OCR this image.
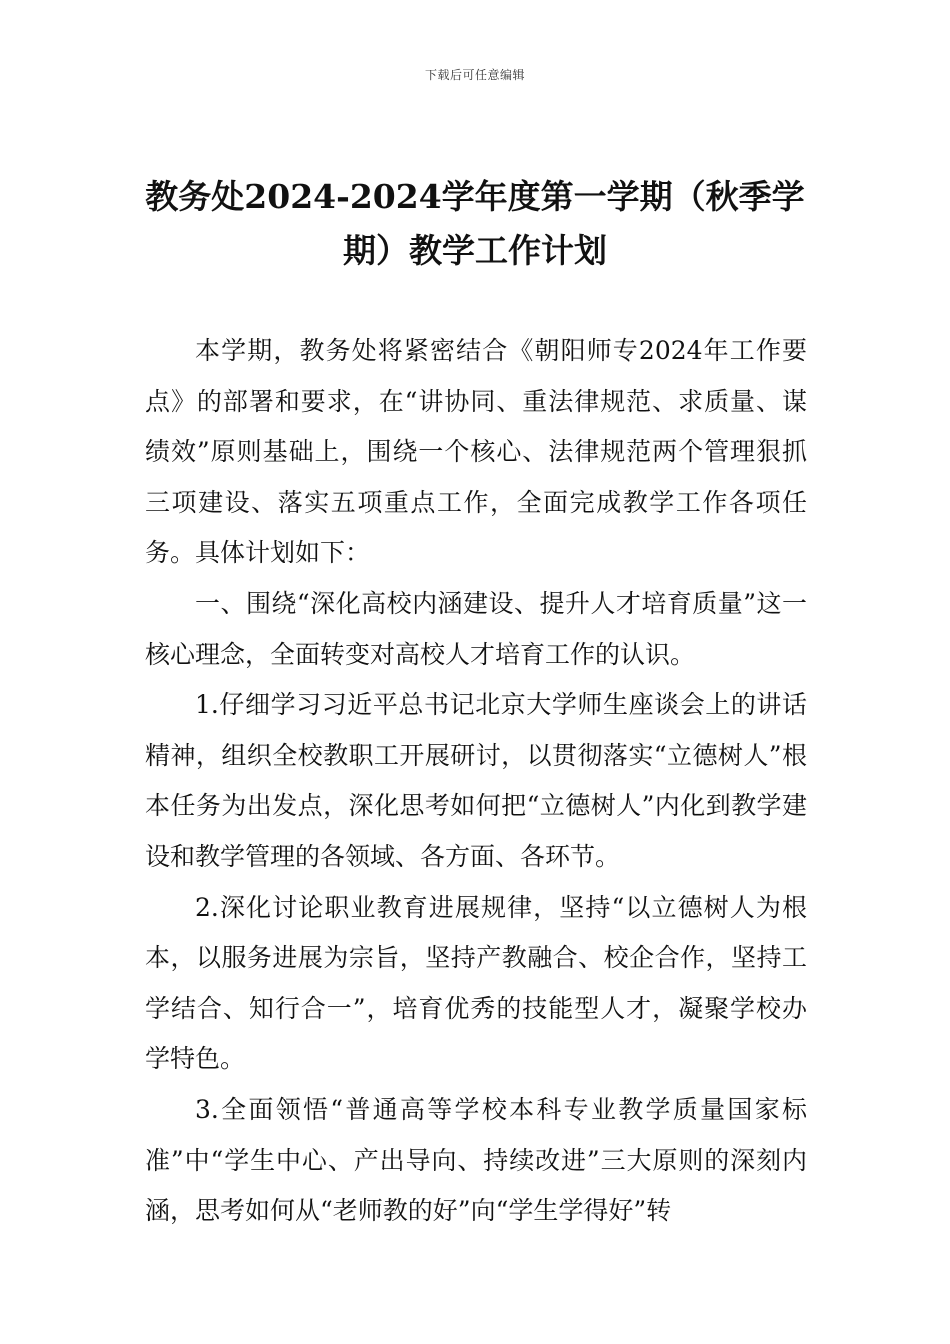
下载后可任意编辑
教务处2024-2024学年度第一学期（秋季学期）教学工作计划

本学期，教务处将紧密结合《朝阳师专2024年工作要点》的部署和要求，在“讲协同、重法律规范、求质量、谋绩效”原则基础上，围绕一个核心、法律规范两个管理狠抓三项建设、落实五项重点工作，全面完成教学工作各项任务。具体计划如下：

一、围绕“深化高校内涵建设、提升人才培育质量”这一核心理念，全面转变对高校人才培育工作的认识。

1.仔细学习习近平总书记北京大学师生座谈会上的讲话精神，组织全校教职工开展研讨，以贯彻落实“立德树人”根本任务为出发点，深化思考如何把“立德树人”内化到教学建设和教学管理的各领域、各方面、各环节。

2.深化讨论职业教育进展规律，坚持“以立德树人为根本，以服务进展为宗旨，坚持产教融合、校企合作，坚持工学结合、知行合一”，培育优秀的技能型人才，凝聚学校办学特色。

3.全面领悟“普通高等学校本科专业教学质量国家标准”中“学生中心、产出导向、持续改进”三大原则的深刻内涵，思考如何从“老师教的好”向“学生学得好”转
